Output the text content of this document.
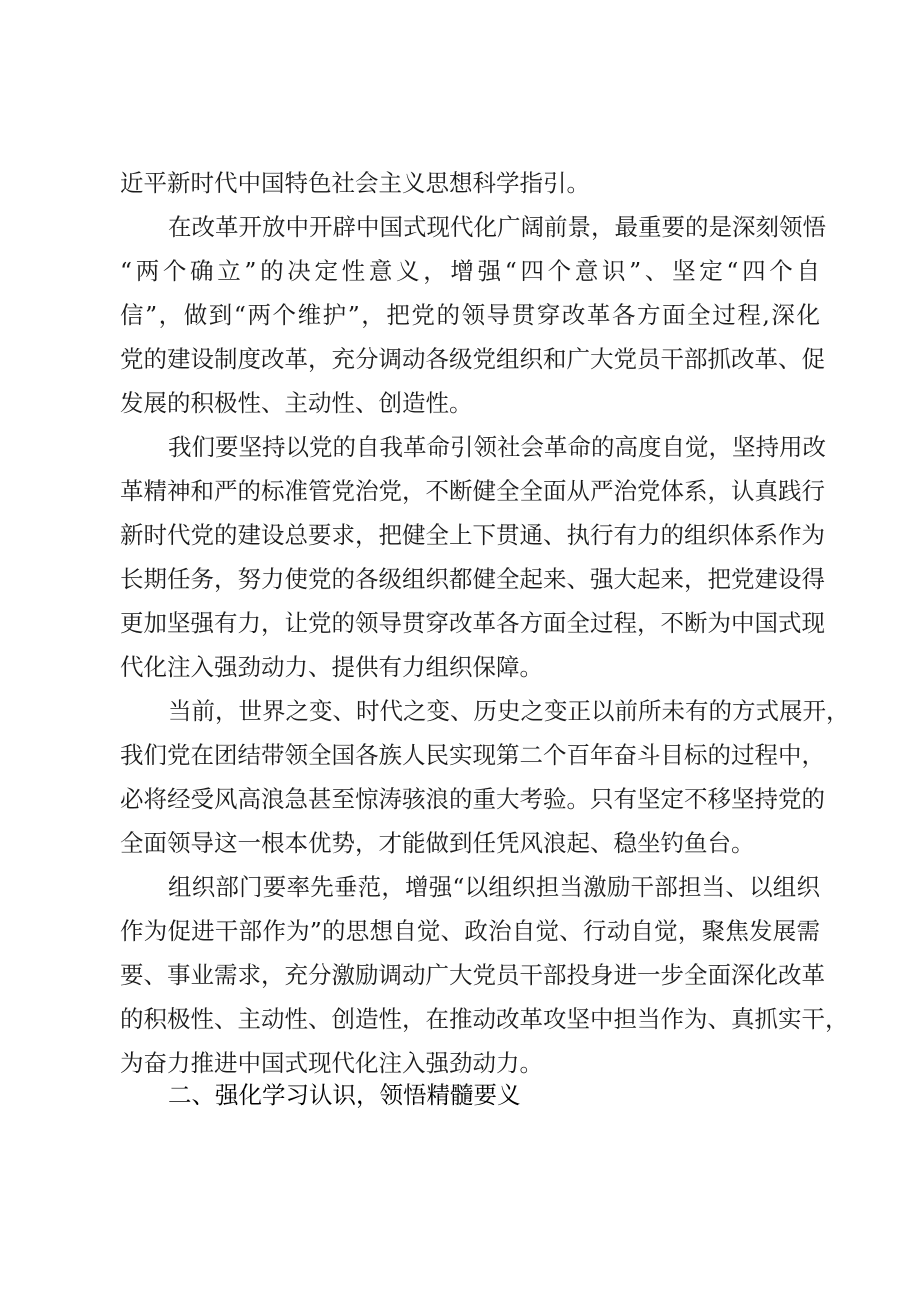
近平新时代中国特色社会主义思想科学指引。
在改革开放中开辟中国式现代化广阔前景，最重要的是深刻领悟
“两个确立”的决定性意义，增强“四个意识”、坚定“四个自
信”，做到“两个维护”，把党的领导贯穿改革各方面全过程,深化
党的建设制度改革，充分调动各级党组织和广大党员干部抓改革、促
发展的积极性、主动性、创造性。
我们要坚持以党的自我革命引领社会革命的高度自觉，坚持用改
革精神和严的标准管党治党，不断健全全面从严治党体系，认真践行
新时代党的建设总要求，把健全上下贯通、执行有力的组织体系作为
长期任务，努力使党的各级组织都健全起来、强大起来，把党建设得
更加坚强有力，让党的领导贯穿改革各方面全过程，不断为中国式现
代化注入强劲动力、提供有力组织保障。
当前，世界之变、时代之变、历史之变正以前所未有的方式展开，
我们党在团结带领全国各族人民实现第二个百年奋斗目标的过程中，
必将经受风高浪急甚至惊涛骇浪的重大考验。只有坚定不移坚持党的
全面领导这一根本优势，才能做到任凭风浪起、稳坐钓鱼台。
组织部门要率先垂范，增强“以组织担当激励干部担当、以组织
作为促进干部作为”的思想自觉、政治自觉、行动自觉，聚焦发展需
要、事业需求，充分激励调动广大党员干部投身进一步全面深化改革
的积极性、主动性、创造性，在推动改革攻坚中担当作为、真抓实干，
为奋力推进中国式现代化注入强劲动力。
二、强化学习认识，领悟精髓要义
